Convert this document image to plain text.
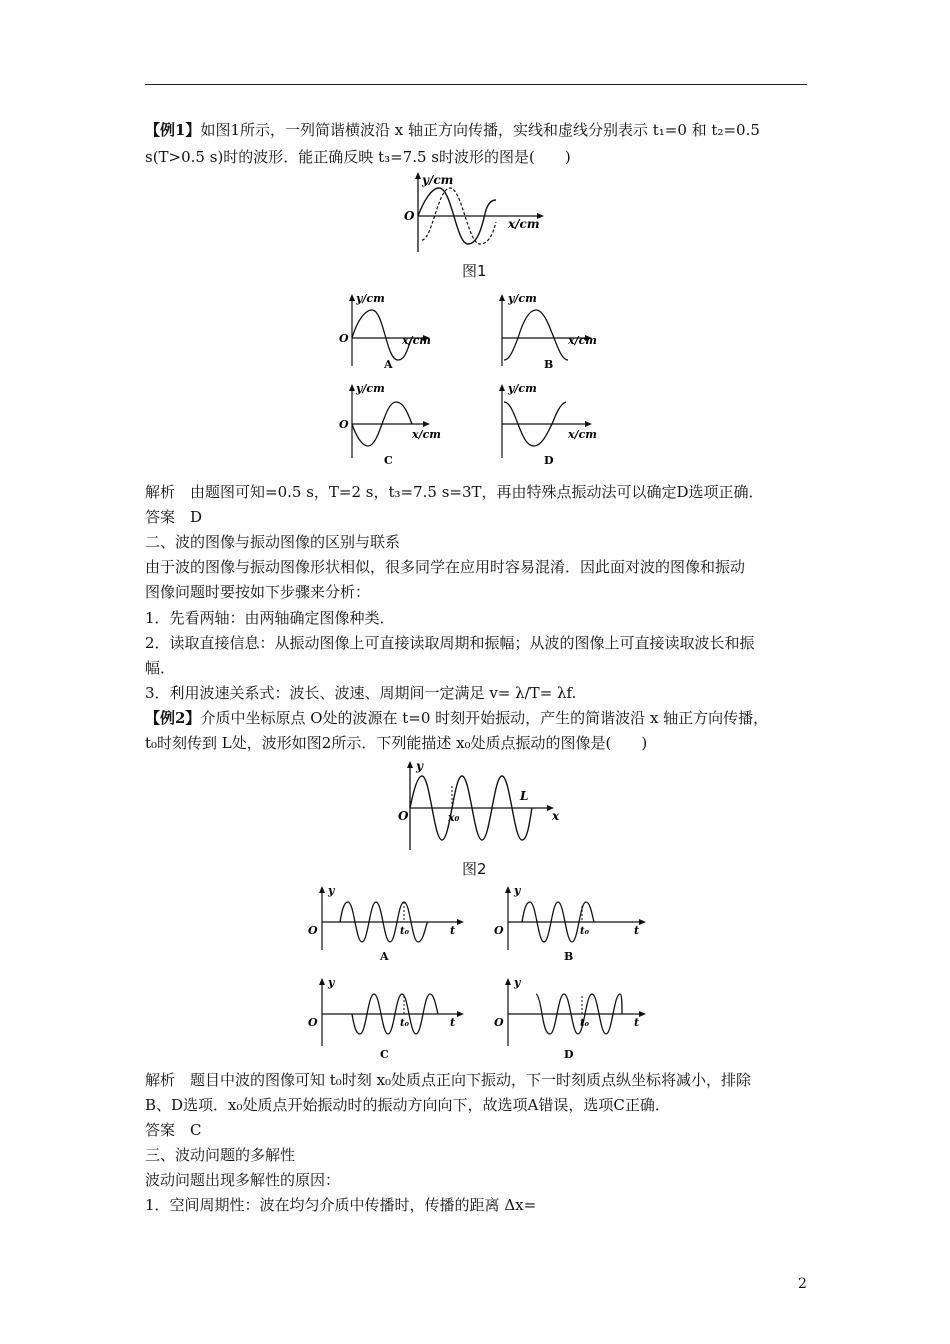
【例1】如图1所示，一列简谐横波沿 x 轴正方向传播，实线和虚线分别表示 t₁=0 和 t₂=0.5
s(T>0.5 s)时的波形．能正确反映 t₃=7.5 s时波形的图是(　　)
y/cm
O
x/cm
图1
y/cm
O	x/cm
A
y/cm
x/cm
B
y/cm
O
x/cm
C
y/cm
x/cm
D
解析　由题图可知=0.5 s，T=2 s，t₃=7.5 s=3T，再由特殊点振动法可以确定D选项正确．
答案　D
二、波的图像与振动图像的区别与联系
由于波的图像与振动图像形状相似，很多同学在应用时容易混淆．因此面对波的图像和振动
图像问题时要按如下步骤来分析：
1．先看两轴：由两轴确定图像种类．
2．读取直接信息：从振动图像上可直接读取周期和振幅；从波的图像上可直接读取波长和振
幅．
3．利用波速关系式：波长、波速、周期间一定满足 v= λ/T= λf.
【例2】介质中坐标原点 O处的波源在 t=0 时刻开始振动，产生的简谐波沿 x 轴正方向传播，
t₀时刻传到 L处，波形如图2所示．下列能描述 x₀处质点振动的图像是(　　)
y
O	x₀
L
x
图2
y
O	t₀	t
A
y
O	t₀	t
B
y
O	t₀	t
C
y
O	t₀	t
D
解析　题目中波的图像可知 t₀时刻 x₀处质点正向下振动，下一时刻质点纵坐标将减小，排除
B、D选项．x₀处质点开始振动时的振动方向向下，故选项A错误，选项C正确．
答案　C
三、波动问题的多解性
波动问题出现多解性的原因：
1．空间周期性：波在均匀介质中传播时，传播的距离 Δx=
2
